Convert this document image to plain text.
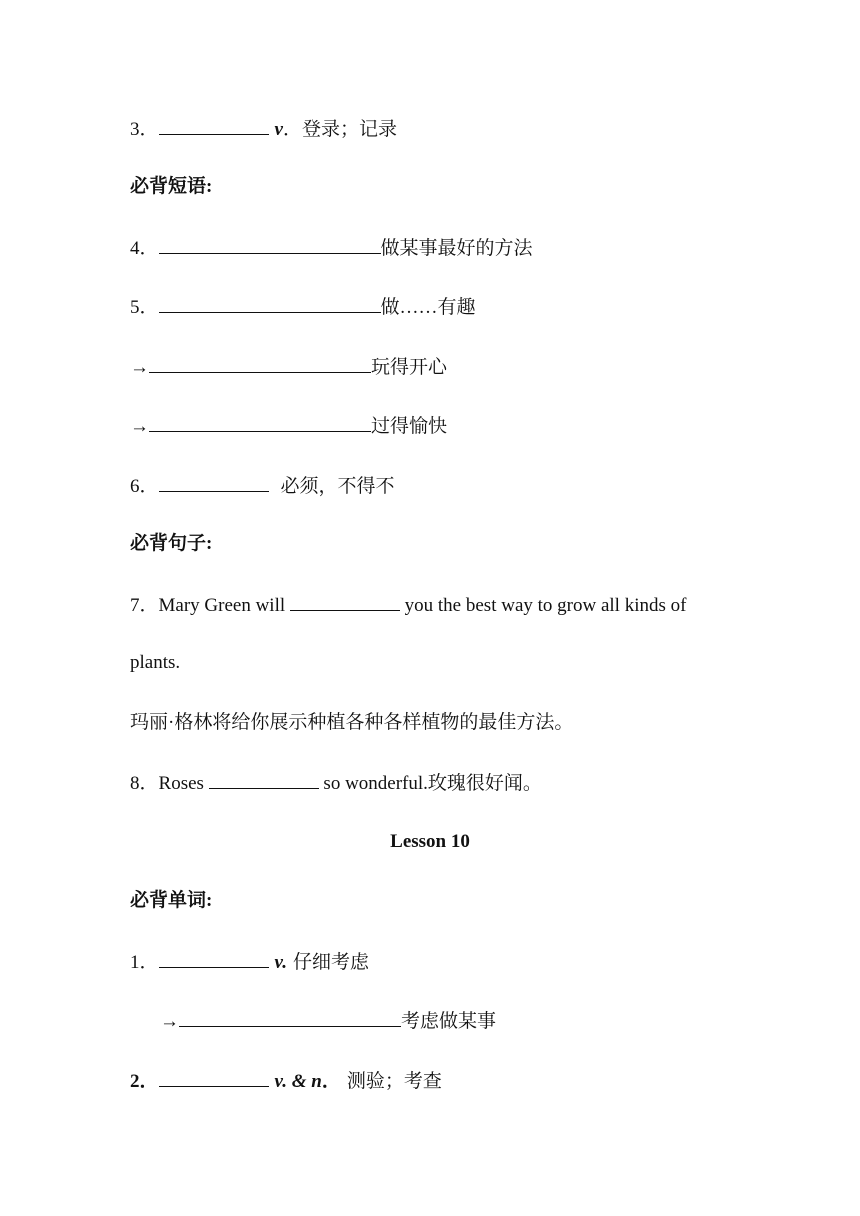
3．	v．登录；记录
必背短语:
4．	做某事最好的方法
5．	做……有趣
→	玩得开心
→	过得愉快
6．	必须，不得不
必背句子:
7．Mary Green will	you the best way to grow all kinds of
plants.
玛丽·格林将给你展示种植各种各样植物的最佳方法。
8．Roses	so wonderful.玫瑰很好闻。
Lesson 10
必背单词:
1．	v. 仔细考虑
→	考虑做某事
2．	v. & n． 测验；考查
